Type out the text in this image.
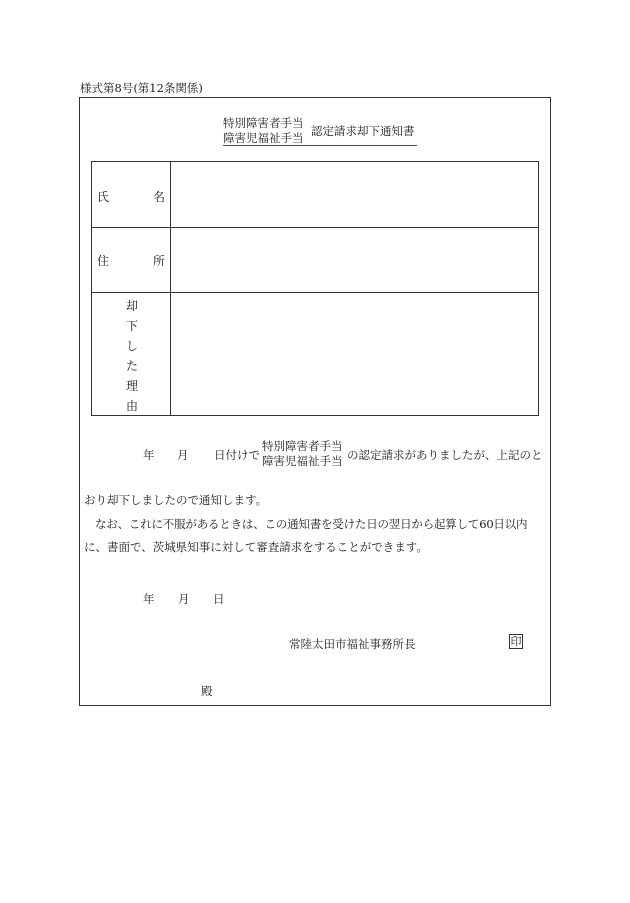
様式第8号(第12条関係)
特別障害者手当
障害児福祉手当 認定請求却下通知書
氏	名
住	所
却
下
し
た
理
由
年 月 日付けで
特別障害者手当
障害児福祉手当 の認定請求がありましたが、上記のと
おり却下しましたので通知します。
なお、これに不服があるときは、この通知書を受けた日の翌日から起算して60日以内
に、書面で、茨城県知事に対して審査請求をすることができます。
年 月 日
常陸太田市福祉事務所長	印
殿
